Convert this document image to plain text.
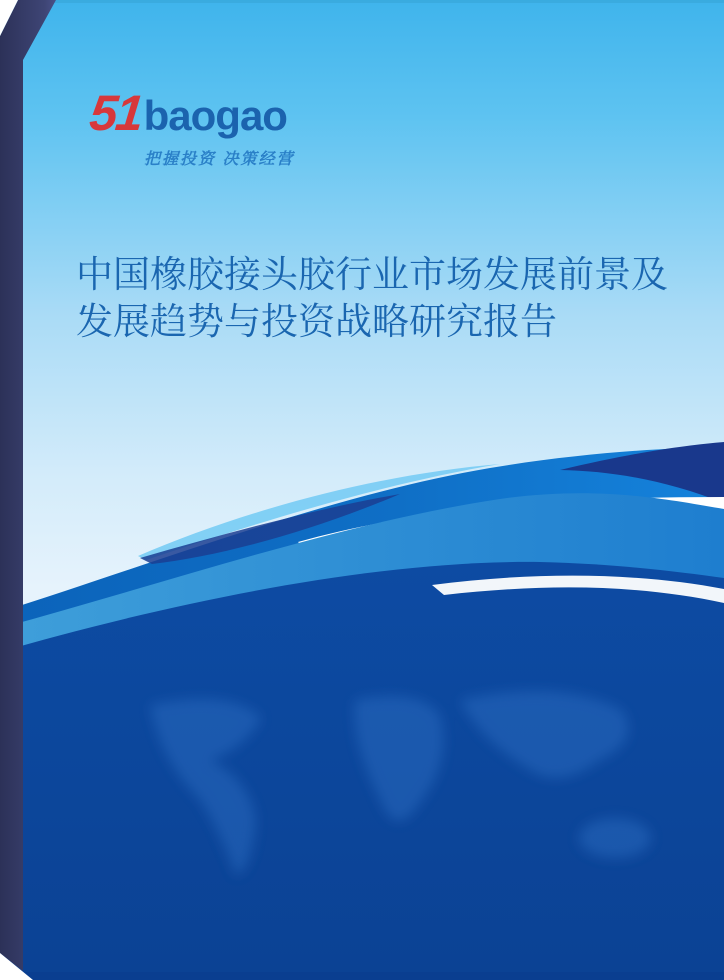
51 baogao
把握投资 决策经营
中国橡胶接头胶行业市场发展前景及
发展趋势与投资战略研究报告
